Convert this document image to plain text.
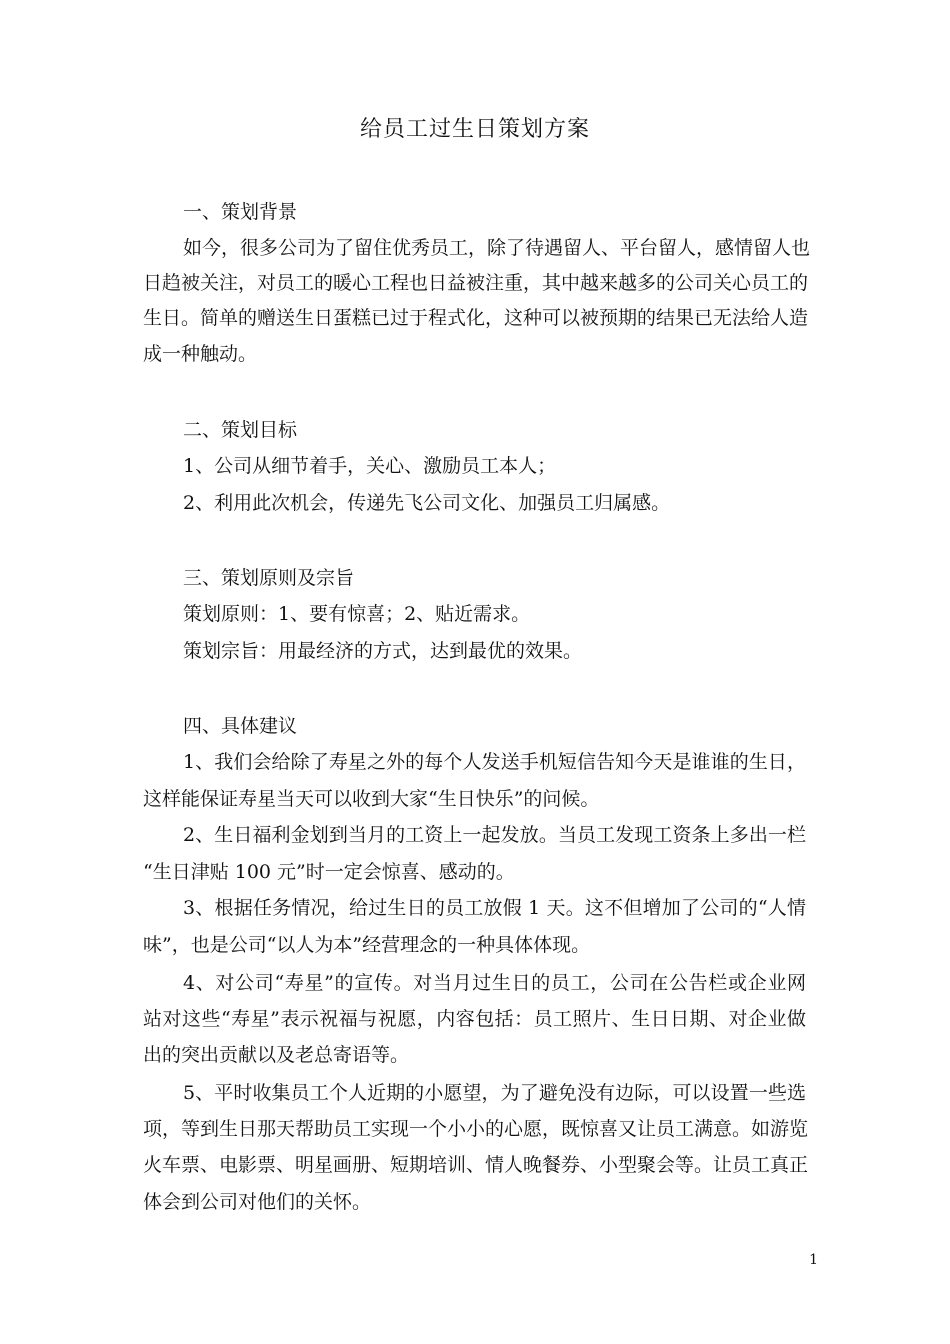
给员工过生日策划方案
一、策划背景
如今，很多公司为了留住优秀员工，除了待遇留人、平台留人，感情留人也
日趋被关注，对员工的暖心工程也日益被注重，其中越来越多的公司关心员工的
生日。简单的赠送生日蛋糕已过于程式化，这种可以被预期的结果已无法给人造
成一种触动。
二、策划目标
1、公司从细节着手，关心、激励员工本人；
2、利用此次机会，传递先飞公司文化、加强员工归属感。
三、策划原则及宗旨
策划原则：1、要有惊喜；2、贴近需求。
策划宗旨：用最经济的方式，达到最优的效果。
四、具体建议
1、我们会给除了寿星之外的每个人发送手机短信告知今天是谁谁的生日，
这样能保证寿星当天可以收到大家“生日快乐”的问候。
2、生日福利金划到当月的工资上一起发放。当员工发现工资条上多出一栏
“生日津贴 100 元”时一定会惊喜、感动的。
3、根据任务情况，给过生日的员工放假 1 天。这不但增加了公司的“人情
味”，也是公司“以人为本”经营理念的一种具体体现。
4、对公司“寿星”的宣传。对当月过生日的员工，公司在公告栏或企业网
站对这些“寿星”表示祝福与祝愿，内容包括：员工照片、生日日期、对企业做
出的突出贡献以及老总寄语等。
5、平时收集员工个人近期的小愿望，为了避免没有边际，可以设置一些选
项，等到生日那天帮助员工实现一个小小的心愿，既惊喜又让员工满意。如游览
火车票、电影票、明星画册、短期培训、情人晚餐券、小型聚会等。让员工真正
体会到公司对他们的关怀。
1
